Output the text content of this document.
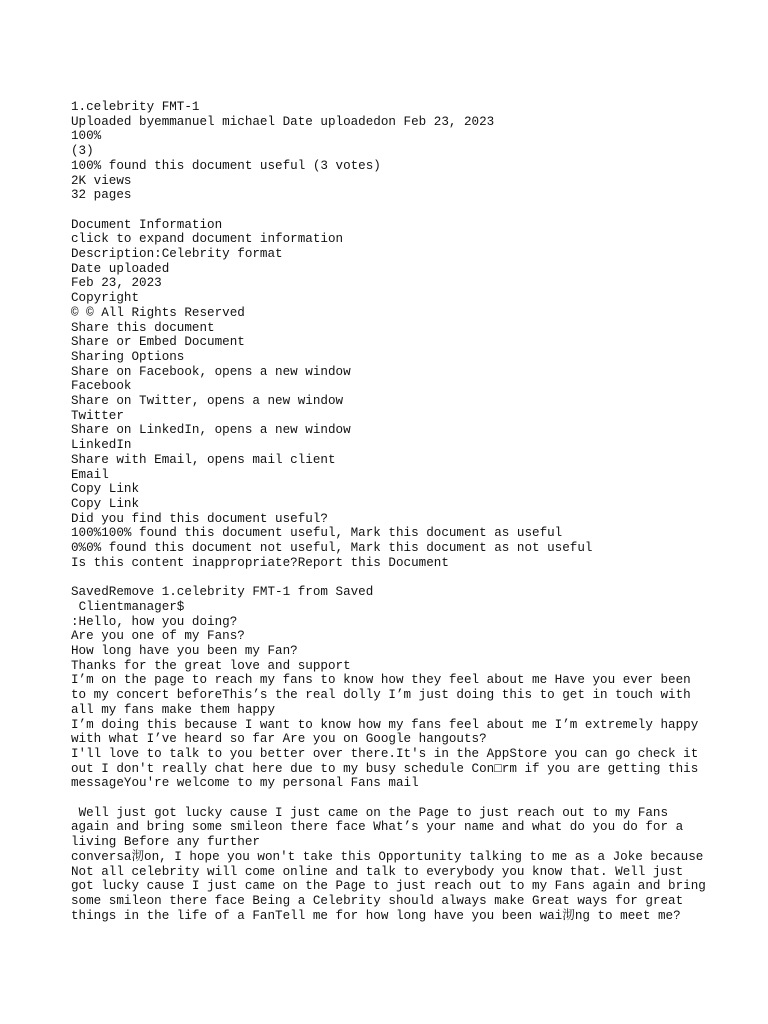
1.celebrity FMT-1
Uploaded byemmanuel michael Date uploadedon Feb 23, 2023
100%
(3)
100% found this document useful (3 votes)
2K views
32 pages
Document Information
click to expand document information
Description:Celebrity format
Date uploaded
Feb 23, 2023
Copyright
© © All Rights Reserved
Share this document
Share or Embed Document
Sharing Options
Share on Facebook, opens a new window
Facebook
Share on Twitter, opens a new window
Twitter
Share on LinkedIn, opens a new window
LinkedIn
Share with Email, opens mail client
Email
Copy Link
Copy Link
Did you find this document useful?
100%100% found this document useful, Mark this document as useful
0%0% found this document not useful, Mark this document as not useful
Is this content inappropriate?Report this Document
SavedRemove 1.celebrity FMT-1 from Saved
Clientmanager$
:Hello, how you doing?
Are you one of my Fans?
How long have you been my Fan?
Thanks for the great love and support
I’m on the page to reach my fans to know how they feel about me Have you ever been to my concert beforeThis’s the real dolly I’m just doing this to get in touch with all my fans make them happy
I’m doing this because I want to know how my fans feel about me I’m extremely happy with what I’ve heard so far Are you on Google hangouts?
I'll love to talk to you better over there.It's in the AppStore you can go check it out I don't really chat here due to my busy schedule Con□rm if you are getting this messageYou're welcome to my personal Fans mail
Well just got lucky cause I just came on the Page to just reach out to my Fans again and bring some smileon there face What’s your name and what do you do for a living Before any further
conversa沏on, I hope you won't take this Opportunity talking to me as a Joke because Not all celebrity will come online and talk to everybody you know that. Well just got lucky cause I just came on the Page to just reach out to my Fans again and bring some smileon there face Being a Celebrity should always make Great ways for great things in the life of a FanTell me for how long have you been wai沏ng to meet me?
